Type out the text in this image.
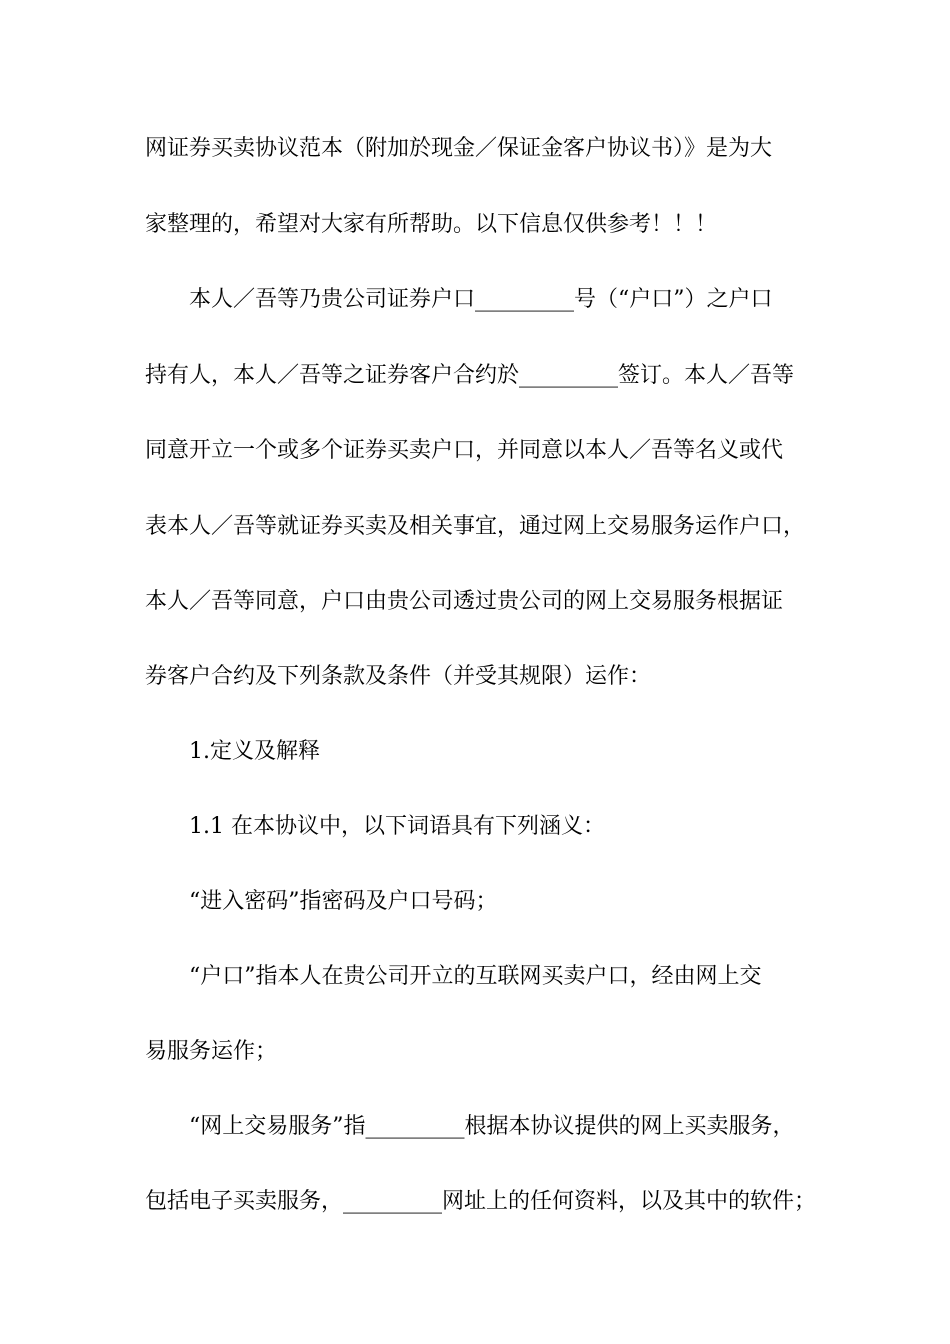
网证券买卖协议范本（附加於现金／保证金客户协议书）》是为大
家整理的，希望对大家有所帮助。以下信息仅供参考！！！
本人／吾等乃贵公司证券户口_________号（“户口”）之户口
持有人，本人／吾等之证券客户合约於_________签订。本人／吾等
同意开立一个或多个证券买卖户口，并同意以本人／吾等名义或代
表本人／吾等就证券买卖及相关事宜，通过网上交易服务运作户口，
本人／吾等同意，户口由贵公司透过贵公司的网上交易服务根据证
券客户合约及下列条款及条件（并受其规限）运作：
1.定义及解释
1.1 在本协议中，以下词语具有下列涵义：
“进入密码”指密码及户口号码；
“户口”指本人在贵公司开立的互联网买卖户口，经由网上交
易服务运作；
“网上交易服务”指_________根据本协议提供的网上买卖服务，
包括电子买卖服务，_________网址上的任何资料，以及其中的软件；
